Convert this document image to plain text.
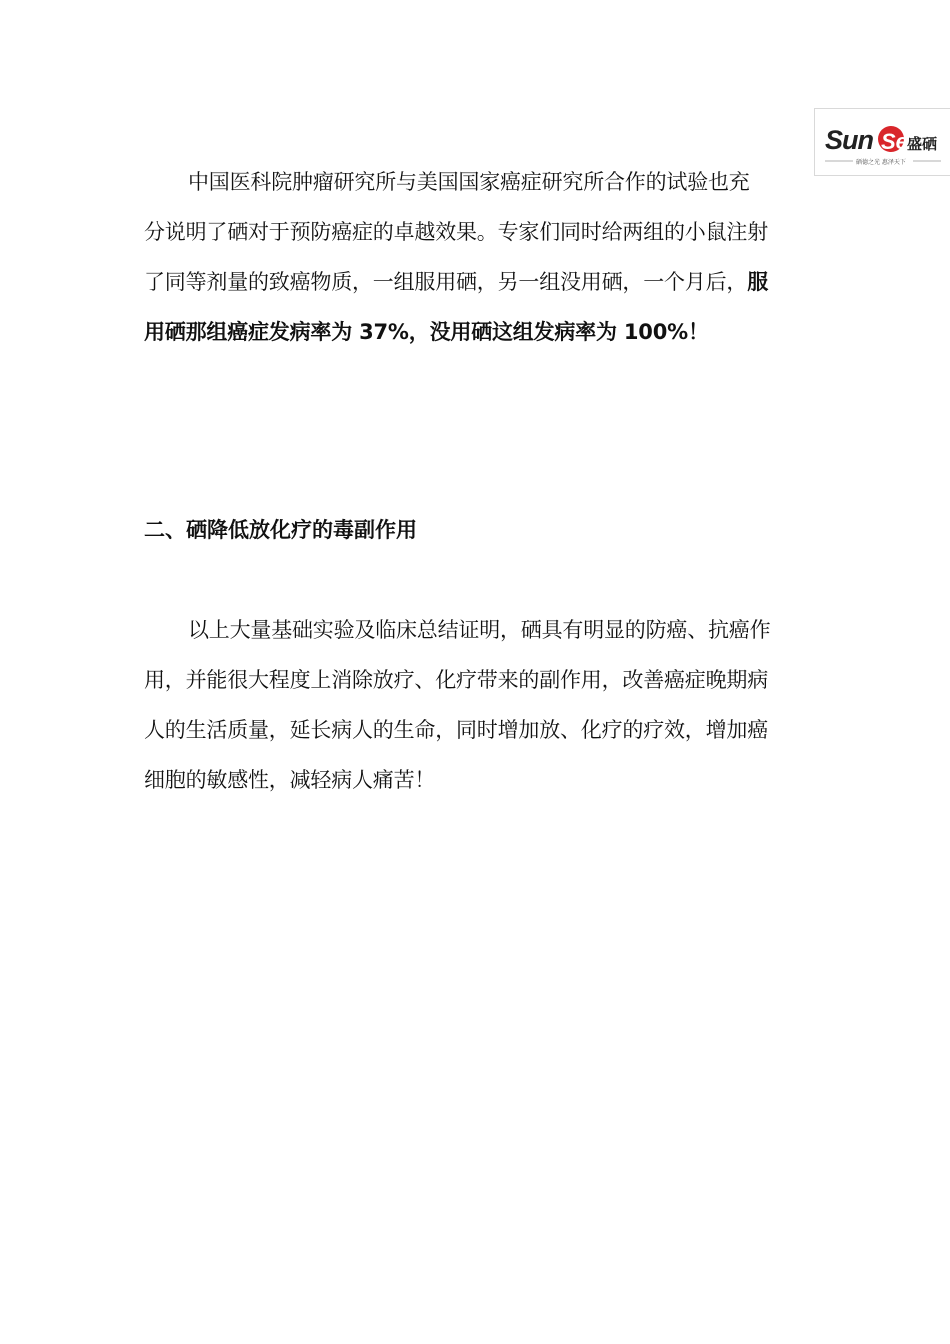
Sun Se 盛硒
硒德之光 惠泽天下
中国医科院肿瘤研究所与美国国家癌症研究所合作的试验也充
分说明了硒对于预防癌症的卓越效果。专家们同时给两组的小鼠注射
了同等剂量的致癌物质，一组服用硒，另一组没用硒，一个月后，服
用硒那组癌症发病率为 37%，没用硒这组发病率为 100%！
二、硒降低放化疗的毒副作用
以上大量基础实验及临床总结证明，硒具有明显的防癌、抗癌作
用，并能很大程度上消除放疗、化疗带来的副作用，改善癌症晚期病
人的生活质量，延长病人的生命，同时增加放、化疗的疗效，增加癌
细胞的敏感性，减轻病人痛苦！
